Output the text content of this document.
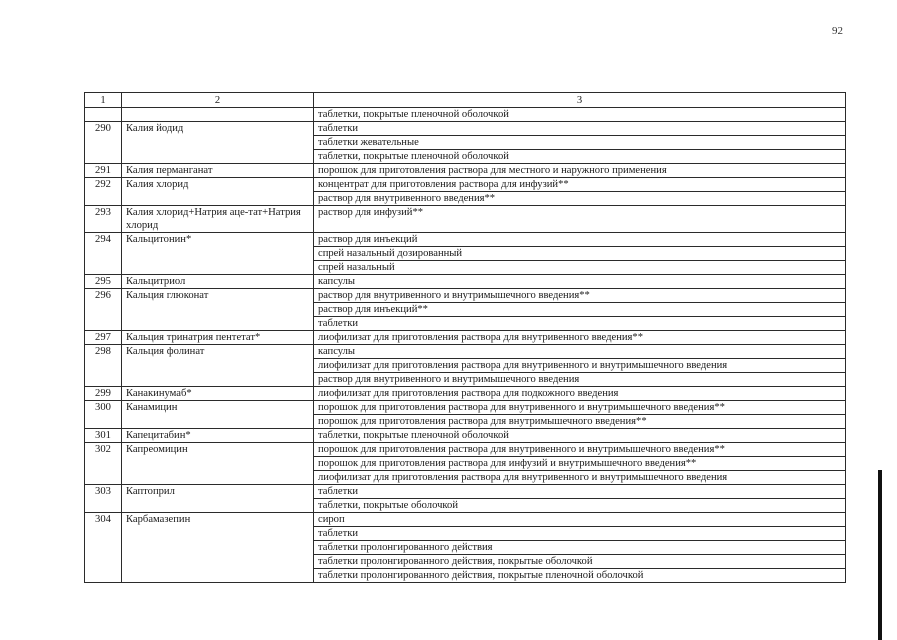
92
1	2	3
		таблетки, покрытые пленочной оболочкой
290	Калия йодид	таблетки
		таблетки жевательные
		таблетки, покрытые пленочной оболочкой
291	Калия перманганат	порошок для приготовления раствора для местного и наружного применения
292	Калия хлорид	концентрат для приготовления раствора для инфузий**
		раствор для внутривенного введения**
293	Калия хлорид+Натрия аце-тат+Натрия хлорид	раствор для инфузий**
294	Кальцитонин*	раствор для инъекций
		спрей назальный дозированный
		спрей назальный
295	Кальцитриол	капсулы
296	Кальция глюконат	раствор для внутривенного и внутримышечного введения**
		раствор для инъекций**
		таблетки
297	Кальция тринатрия пентетат*	лиофилизат для приготовления раствора для внутривенного введения**
298	Кальция фолинат	капсулы
		лиофилизат для приготовления раствора для внутривенного и внутримышечного введения
		раствор для внутривенного и внутримышечного введения
299	Канакинумаб*	лиофилизат для приготовления раствора для подкожного введения
300	Канамицин	порошок для приготовления раствора для внутривенного и внутримышечного введения**
		порошок для приготовления раствора для внутримышечного введения**
301	Капецитабин*	таблетки, покрытые пленочной оболочкой
302	Капреомицин	порошок для приготовления раствора для внутривенного и внутримышечного введения**
		порошок для приготовления раствора для инфузий и внутримышечного введения**
		лиофилизат для приготовления раствора для внутривенного и внутримышечного введения
303	Каптоприл	таблетки
		таблетки, покрытые оболочкой
304	Карбамазепин	сироп
		таблетки
		таблетки пролонгированного действия
		таблетки пролонгированного действия, покрытые оболочкой
		таблетки пролонгированного действия, покрытые пленочной оболочкой
